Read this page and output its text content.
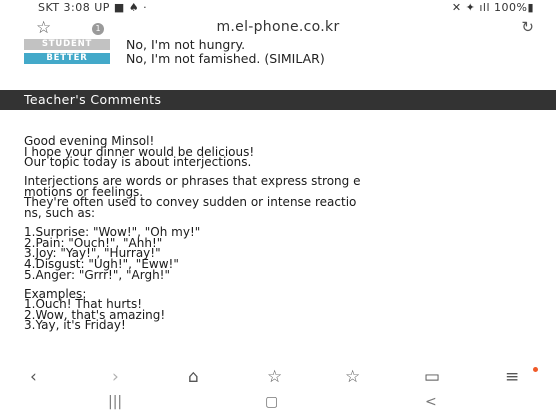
SKT 3:08 UP ■ ♠ ·	✕ ✦ ıll 100%▮
☆	1	m.el-phone.co.kr	↻
STUDENT	No, I'm not hungry.
BETTER	No, I'm not famished. (SIMILAR)
Teacher's Comments
Good evening Minsol!
I hope your dinner would be delicious!
Our topic today is about interjections.
Interjections are words or phrases that express strong e
motions or feelings.
They're often used to convey sudden or intense reactio
ns, such as:
1.Surprise: "Wow!", "Oh my!"
2.Pain: "Ouch!", "Ahh!"
3.Joy: "Yay!", "Hurray!"
4.Disgust: "Ugh!", "Eww!"
5.Anger: "Grrr!", "Argh!"
Examples:
1.Ouch! That hurts!
2.Wow, that's amazing!
3.Yay, it's Friday!
‹	›	⌂	☆	☆	▭	≡
|||	▢	<
